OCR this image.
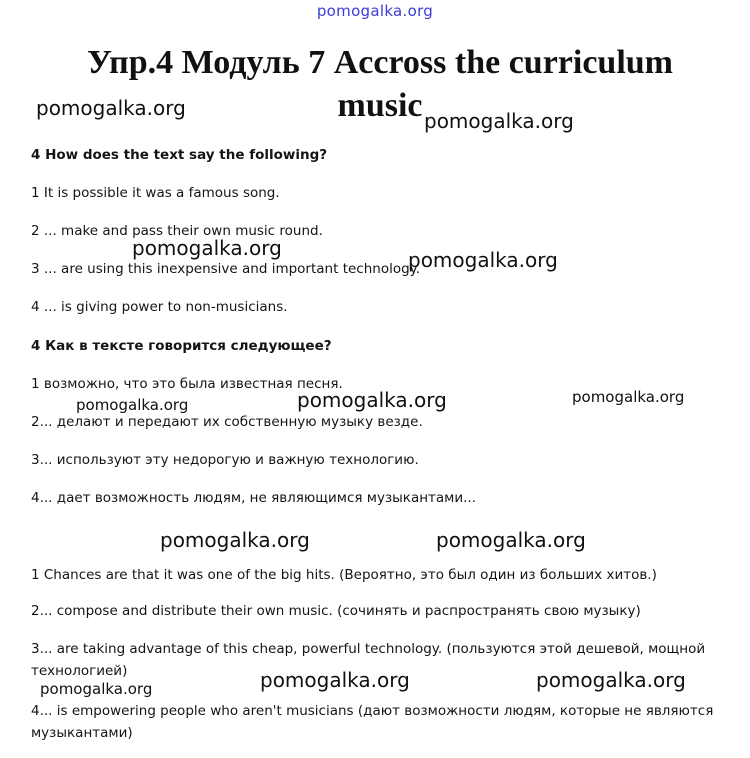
pomogalka.org
Упр.4 Модуль 7 Accross the curriculum
music
pomogalka.org
pomogalka.org
pomogalka.org	pomogalka.org
pomogalka.org	pomogalka.org	pomogalka.org
pomogalka.org	pomogalka.org
pomogalka.org	pomogalka.org	pomogalka.org
4 How does the text say the following?
1 It is possible it was a famous song.
2 ... make and pass their own music round.
3 ... are using this inexpensive and important technology.
4 ... is giving power to non-musicians.
4 Как в тексте говорится следующее?
1 возможно, что это была известная песня.
2... делают и передают их собственную музыку везде.
3... используют эту недорогую и важную технологию.
4... дает возможность людям, не являющимся музыкантами...
1 Chances are that it was one of the big hits. (Вероятно, это был один из больших хитов.)
2... compose and distribute their own music. (сочинять и распространять свою музыку)
3... are taking advantage of this cheap, powerful technology. (пользуются этой дешевой, мощной технологией)
4... is empowering people who aren't musicians (дают возможности людям, которые не являются музыкантами)
